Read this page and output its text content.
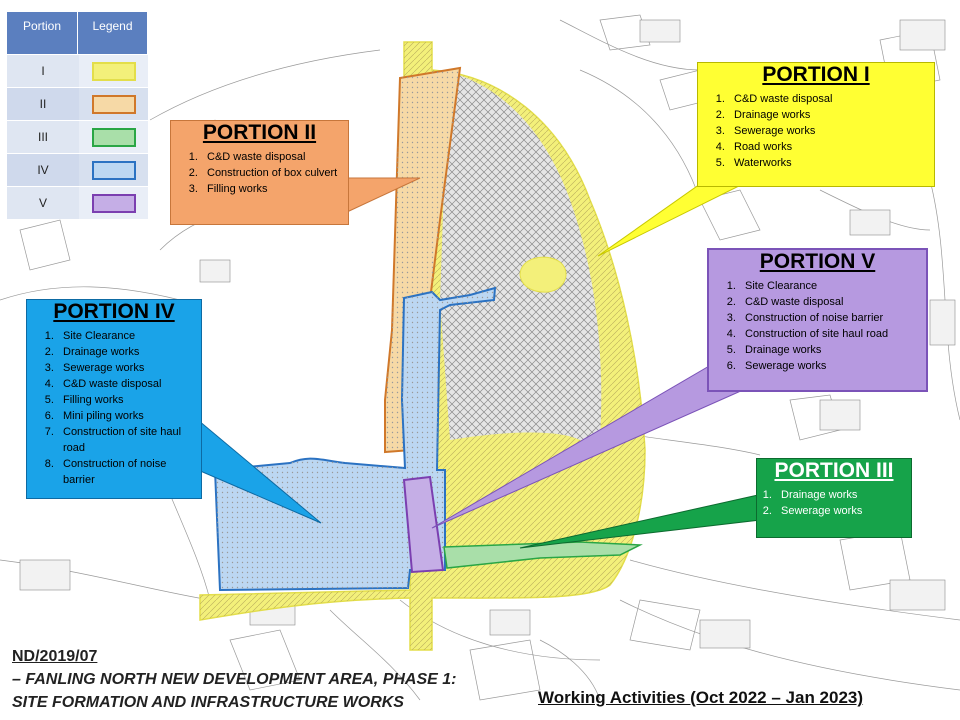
Portion	Legend
I
II
III
IV
V
PORTION II
1. C&D waste disposal
2. Construction of box culvert
3. Filling works
PORTION I
1. C&D waste disposal
2. Drainage works
3. Sewerage works
4. Road works
5. Waterworks
PORTION V
1. Site Clearance
2. C&D waste disposal
3. Construction of noise barrier
4. Construction of site haul road
5. Drainage works
6. Sewerage works
PORTION IV
1. Site Clearance
2. Drainage works
3. Sewerage works
4. C&D waste disposal
5. Filling works
6. Mini piling works
7. Construction of site haul road
8. Construction of noise barrier	PORTION III
1. Drainage works
2. Sewerage works
ND/2019/07
– FANLING NORTH NEW DEVELOPMENT AREA, PHASE 1:
SITE FORMATION AND INFRASTRUCTURE WORKS	Working Activities (Oct 2022 – Jan 2023)
